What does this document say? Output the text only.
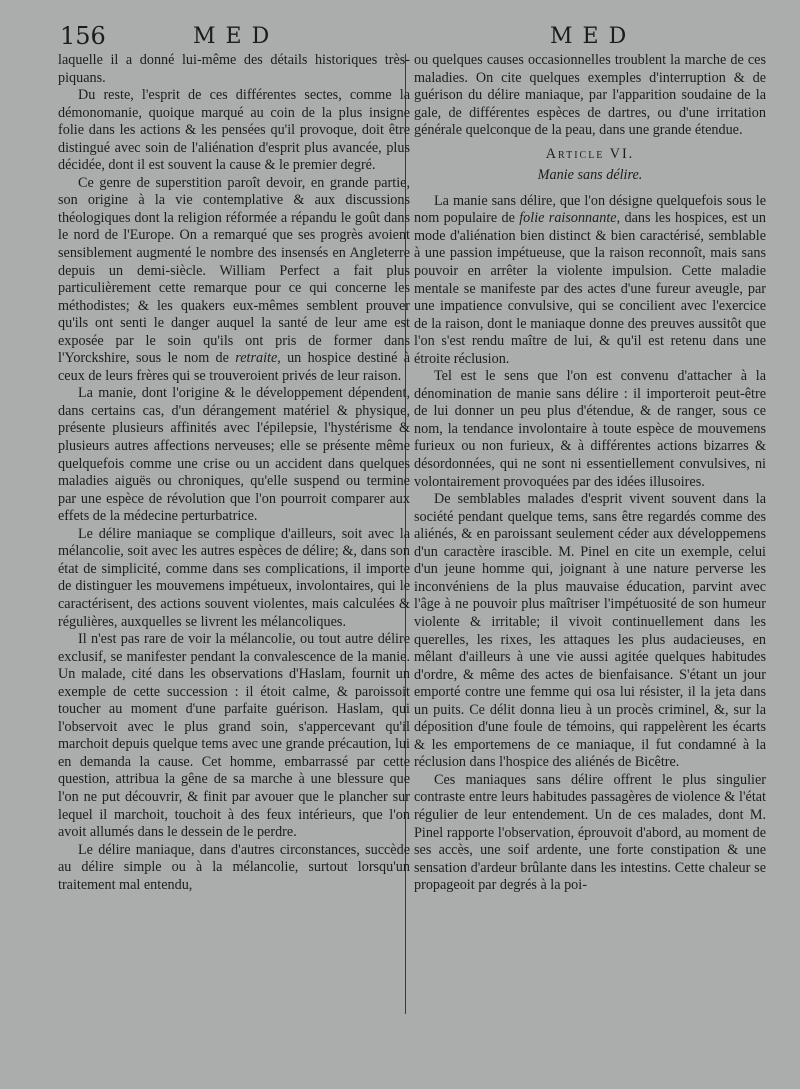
156	MED	MED

laquelle il a donné lui-même des détails historiques très-piquans.

Du reste, l'esprit de ces différentes sectes, comme la démonomanie, quoique marqué au coin de la plus insigne folie dans les actions & les pensées qu'il provoque, doit être distingué avec soin de l'aliénation d'esprit plus avancée, plus décidée, dont il est souvent la cause & le premier degré.

Ce genre de superstition paroît devoir, en grande partie, son origine à la vie contemplative & aux discussions théologiques dont la religion réformée a répandu le goût dans le nord de l'Europe. On a remarqué que ses progrès avoient sensiblement augmenté le nombre des insensés en Angleterre depuis un demi-siècle. William Perfect a fait plus particulièrement cette remarque pour ce qui concerne les méthodistes; & les quakers eux-mêmes semblent prouver qu'ils ont senti le danger auquel la santé de leur ame est exposée par le soin qu'ils ont pris de former dans l'Yorckshire, sous le nom de retraite, un hospice destiné à ceux de leurs frères qui se trouveroient privés de leur raison.

La manie, dont l'origine & le développement dépendent, dans certains cas, d'un dérangement matériel & physique, présente plusieurs affinités avec l'épilepsie, l'hystérisme & plusieurs autres affections nerveuses; elle se présente même quelquefois comme une crise ou un accident dans quelques maladies aiguës ou chroniques, qu'elle suspend ou termine par une espèce de révolution que l'on pourroit comparer aux effets de la médecine perturbatrice.

Le délire maniaque se complique d'ailleurs, soit avec la mélancolie, soit avec les autres espèces de délire; &, dans son état de simplicité, comme dans ses complications, il importe de distinguer les mouvemens impétueux, involontaires, qui le caractérisent, des actions souvent violentes, mais calculées & régulières, auxquelles se livrent les mélancoliques.

Il n'est pas rare de voir la mélancolie, ou tout autre délire exclusif, se manifester pendant la convalescence de la manie. Un malade, cité dans les observations d'Haslam, fournit un exemple de cette succession : il étoit calme, & paroissoit toucher au moment d'une parfaite guérison. Haslam, qui l'observoit avec le plus grand soin, s'appercevant qu'il marchoit depuis quelque tems avec une grande précaution, lui en demanda la cause. Cet homme, embarrassé par cette question, attribua la gêne de sa marche à une blessure que l'on ne put découvrir, & finit par avouer que le plancher sur lequel il marchoit, touchoit à des feux intérieurs, que l'on avoit allumés dans le dessein de le perdre.

Le délire maniaque, dans d'autres circonstances, succède au délire simple ou à la mélancolie, surtout lorsqu'un traitement mal entendu,

ou quelques causes occasionnelles troublent la marche de ces maladies. On cite quelques exemples d'interruption & de guérison du délire maniaque, par l'apparition soudaine de la gale, de différentes espèces de dartres, ou d'une irritation générale quelconque de la peau, dans une grande étendue.

Article VI.

Manie sans délire.

La manie sans délire, que l'on désigne quelquefois sous le nom populaire de folie raisonnante, dans les hospices, est un mode d'aliénation bien distinct & bien caractérisé, semblable à une passion impétueuse, que la raison reconnoît, mais sans pouvoir en arrêter la violente impulsion. Cette maladie mentale se manifeste par des actes d'une fureur aveugle, par une impatience convulsive, qui se concilient avec l'exercice de la raison, dont le maniaque donne des preuves aussitôt que l'on s'est rendu maître de lui, & qu'il est retenu dans une étroite réclusion.

Tel est le sens que l'on est convenu d'attacher à la dénomination de manie sans délire : il importeroit peut-être de lui donner un peu plus d'étendue, & de ranger, sous ce nom, la tendance involontaire à toute espèce de mouvemens furieux ou non furieux, & à différentes actions bizarres & désordonnées, qui ne sont ni essentiellement convulsives, ni volontairement provoquées par des idées illusoires.

De semblables malades d'esprit vivent souvent dans la société pendant quelque tems, sans être regardés comme des aliénés, & en paroissant seulement céder aux développemens d'un caractère irascible. M. Pinel en cite un exemple, celui d'un jeune homme qui, joignant à une nature perverse les inconvéniens de la plus mauvaise éducation, parvint avec l'âge à ne pouvoir plus maîtriser l'impétuosité de son humeur violente & irritable; il vivoit continuellement dans les querelles, les rixes, les attaques les plus audacieuses, en mêlant d'ailleurs à une vie aussi agitée quelques habitudes d'ordre, & même des actes de bienfaisance. S'étant un jour emporté contre une femme qui osa lui résister, il la jeta dans un puits. Ce délit donna lieu à un procès criminel, &, sur la déposition d'une foule de témoins, qui rappelèrent les écarts & les emportemens de ce maniaque, il fut condamné à la réclusion dans l'hospice des aliénés de Bicêtre.

Ces maniaques sans délire offrent le plus singulier contraste entre leurs habitudes passagères de violence & l'état régulier de leur entendement. Un de ces malades, dont M. Pinel rapporte l'observation, éprouvoit d'abord, au moment de ses accès, une soif ardente, une forte constipation & une sensation d'ardeur brûlante dans les intestins. Cette chaleur se propageoit par degrés à la poi-
